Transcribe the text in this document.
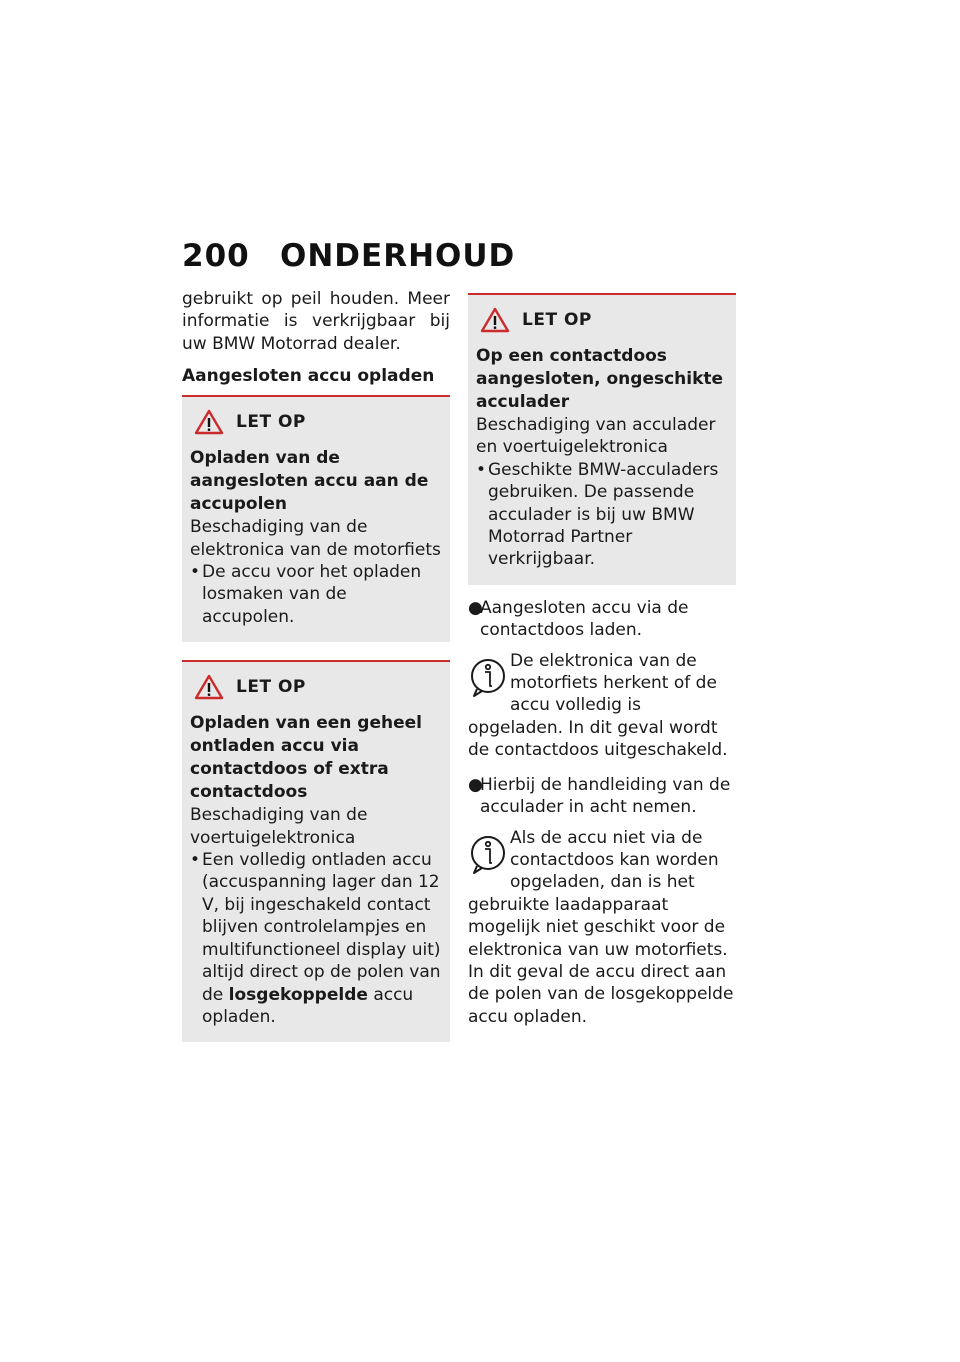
200 ONDERHOUD

gebruikt op peil houden. Meer informatie is verkrijgbaar bij uw BMW Motorrad dealer.

Aangesloten accu opladen
LET OP

Opladen van de aangesloten accu aan de accupolen

Beschadiging van de elektronica van de motorfiets

• De accu voor het opladen losmaken van de accupolen.
LET OP

Opladen van een geheel ontladen accu via contactdoos of extra contactdoos

Beschadiging van de voertuigelektronica

• Een volledig ontladen accu (accuspanning lager dan 12 V, bij ingeschakeld contact blijven controlelampjes en multifunctioneel display uit) altijd direct op de polen van de losgekoppelde accu opladen.
LET OP

Op een contactdoos aangesloten, ongeschikte acculader

Beschadiging van acculader en voertuigelektronica

• Geschikte BMW-acculaders gebruiken. De passende acculader is bij uw BMW Motorrad Partner verkrijgbaar.
●
Aangesloten accu via de contactdoos laden.
De elektronica van de motorfiets herkent of de accu volledig is opgeladen. In dit geval wordt de contactdoos uitgeschakeld.
●
Hierbij de handleiding van de acculader in acht nemen.
Als de accu niet via de contactdoos kan worden opgeladen, dan is het gebruikte laadapparaat mogelijk niet geschikt voor de elektronica van uw motorfiets. In dit geval de accu direct aan de polen van de losgekoppelde accu opladen.
